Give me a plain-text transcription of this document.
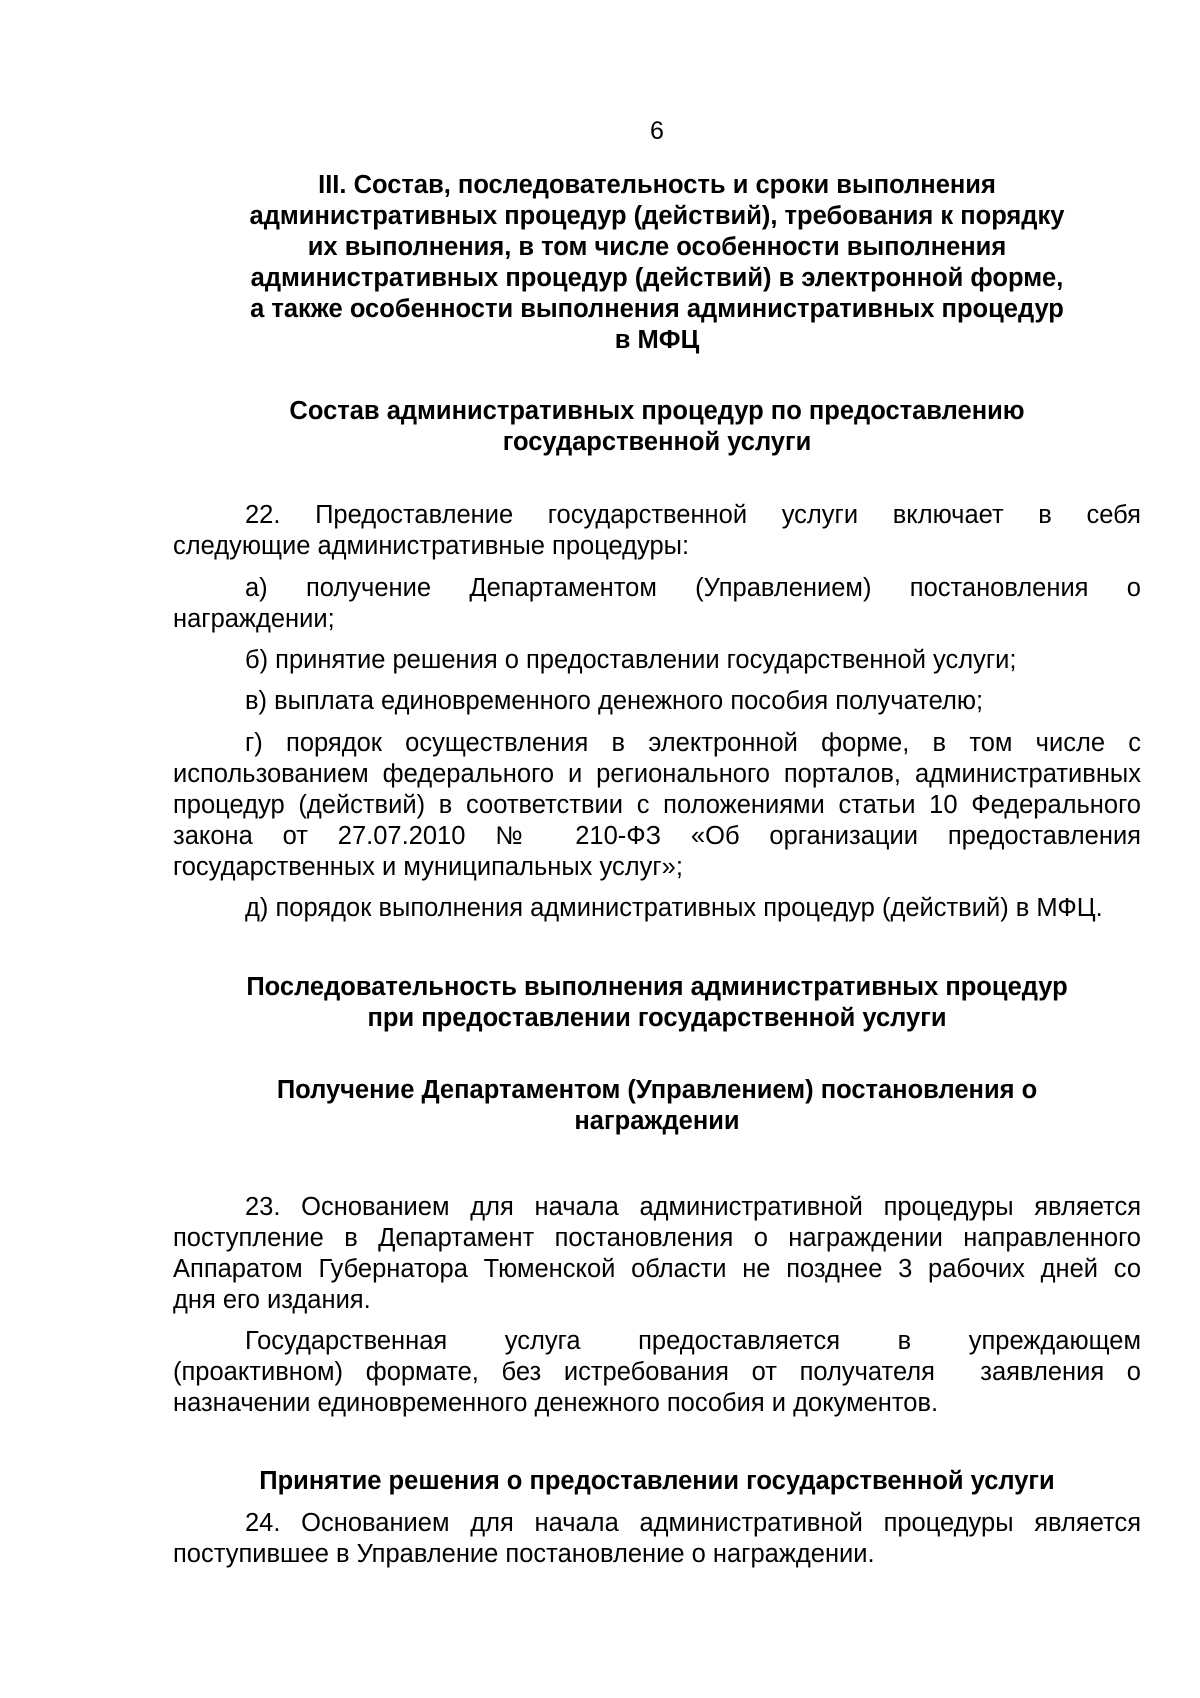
6
III. Состав, последовательность и сроки выполнения
административных процедур (действий), требования к порядку
их выполнения, в том числе особенности выполнения
административных процедур (действий) в электронной форме,
а также особенности выполнения административных процедур
в МФЦ
Состав административных процедур по предоставлению
государственной услуги

22. Предоставление государственной услуги включает в себя
следующие административные процедуры:

а) получение Департаментом (Управлением) постановления о
награждении;

б) принятие решения о предоставлении государственной услуги;

в) выплата единовременного денежного пособия получателю;

г) порядок осуществления в электронной форме, в том числе с
использованием федерального и регионального порталов, административных
процедур (действий) в соответствии с положениями статьи 10 Федерального
закона от 27.07.2010 № 210-ФЗ «Об организации предоставления
государственных и муниципальных услуг»;

д) порядок выполнения административных процедур (действий) в МФЦ.

Последовательность выполнения административных процедур
при предоставлении государственной услуги
Получение Департаментом (Управлением) постановления о
награждении

23. Основанием для начала административной процедуры является
поступление в Департамент постановления о награждении направленного
Аппаратом Губернатора Тюменской области не позднее 3 рабочих дней со
дня его издания.

Государственная услуга предоставляется в упреждающем
(проактивном) формате, без истребования от получателя  заявления о
назначении единовременного денежного пособия и документов.

Принятие решения о предоставлении государственной услуги

24. Основанием для начала административной процедуры является
поступившее в Управление постановление о награждении.
